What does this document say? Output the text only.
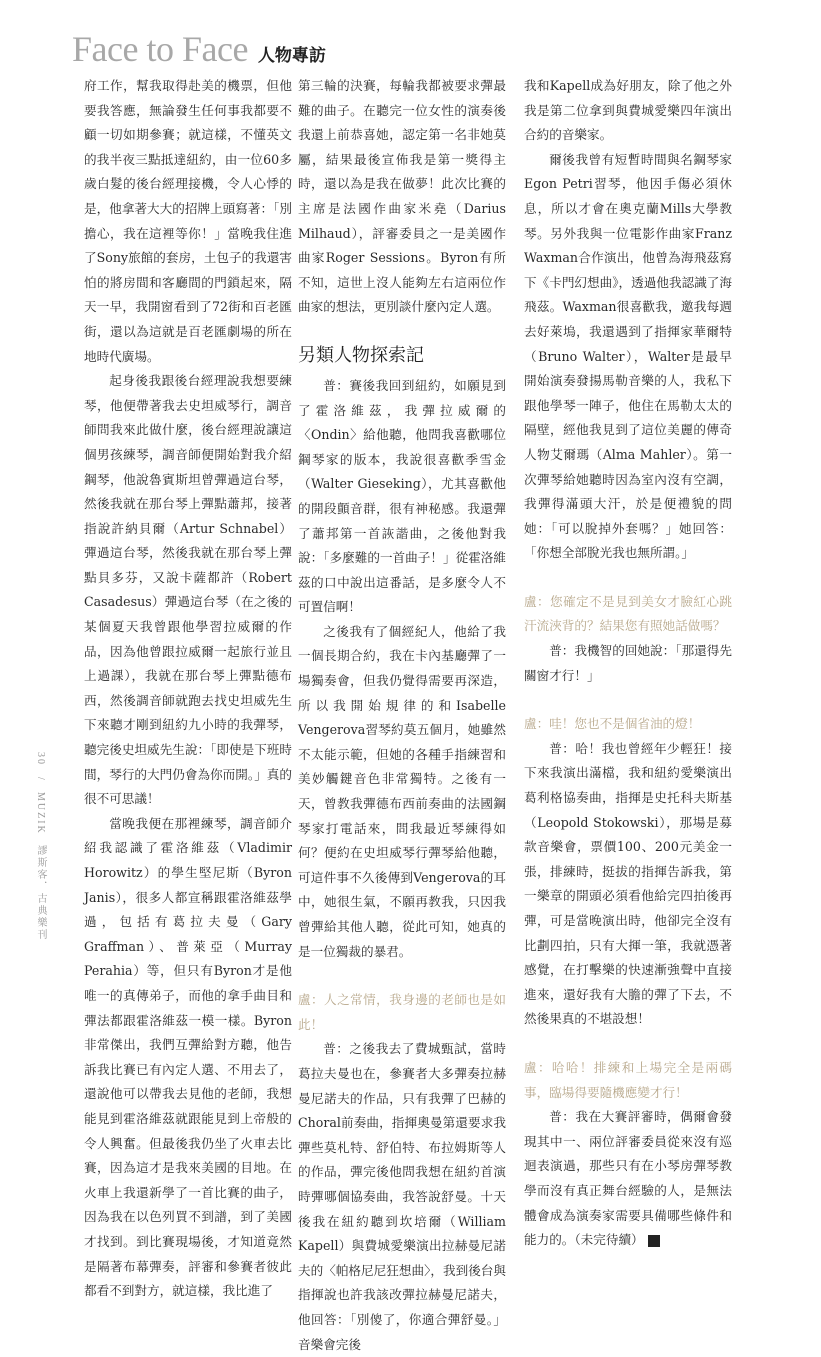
Face to Face 人物專訪
30 / MUZIK 謬斯客．古典樂刊

府工作，幫我取得赴美的機票，但他要我答應，無論發生任何事我都要不顧一切如期參賽；就這樣，不懂英文的我半夜三點抵達紐約，由一位60多歲白髮的後台經理接機，令人心悸的是，他拿著大大的招牌上頭寫著：「別擔心，我在這裡等你！」當晚我住進了Sony旅館的套房，土包子的我還害怕的將房間和客廳間的門鎖起來，隔天一早，我開窗看到了72街和百老匯街，還以為這就是百老匯劇場的所在地時代廣場。

起身後我跟後台經理說我想要練琴，他便帶著我去史坦威琴行，調音師問我來此做什麼，後台經理說讓這個男孩練琴，調音師便開始對我介紹鋼琴，他說魯賓斯坦曾彈過這台琴，然後我就在那台琴上彈點蕭邦，接著指說許納貝爾（Artur Schnabel）彈過這台琴，然後我就在那台琴上彈點貝多芬，又說卡薩都許（Robert Casadesus）彈過這台琴（在之後的某個夏天我曾跟他學習拉威爾的作品，因為他曾跟拉威爾一起旅行並且上過課），我就在那台琴上彈點德布西，然後調音師就跑去找史坦威先生下來聽才剛到紐約九小時的我彈琴，聽完後史坦威先生說：「即使是下班時間，琴行的大門仍會為你而開。」真的很不可思議！

當晚我便在那裡練琴，調音師介紹我認識了霍洛維茲（Vladimir Horowitz）的學生堅尼斯（Byron Janis），很多人都宣稱跟霍洛維茲學過，包括有葛拉夫曼（Gary Graffman）、普萊亞（Murray Perahia）等，但只有Byron才是他唯一的真傳弟子，而他的拿手曲目和彈法都跟霍洛維茲一模一樣。Byron非常傑出，我們互彈給對方聽，他告訴我比賽已有內定人選、不用去了，還說他可以帶我去見他的老師，我想能見到霍洛維茲就跟能見到上帝般的令人興奮。但最後我仍坐了火車去比賽，因為這才是我來美國的目地。在火車上我還新學了一首比賽的曲子，因為我在以色列買不到譜，到了美國才找到。到比賽現場後，才知道竟然是隔著布幕彈奏，評審和參賽者彼此都看不到對方，就這樣，我比進了

第三輪的決賽，每輪我都被要求彈最難的曲子。在聽完一位女性的演奏後我還上前恭喜她，認定第一名非她莫屬，結果最後宣佈我是第一獎得主時，還以為是我在做夢！此次比賽的主席是法國作曲家米堯（Darius Milhaud），評審委員之一是美國作曲家Roger Sessions。Byron有所不知，這世上沒人能夠左右這兩位作曲家的想法，更別談什麼內定人選。

另類人物探索記

普：賽後我回到紐約，如願見到了霍洛維茲，我彈拉威爾的〈Ondin〉給他聽，他問我喜歡哪位鋼琴家的版本，我說很喜歡季雪金（Walter Gieseking），尤其喜歡他的開段顫音群，很有神秘感。我還彈了蕭邦第一首詼諧曲，之後他對我說：「多麼難的一首曲子！」從霍洛維茲的口中說出這番話，是多麼令人不可置信啊！

之後我有了個經紀人，他給了我一個長期合約，我在卡內基廳彈了一場獨奏會，但我仍覺得需要再深造，所以我開始規律的和Isabelle Vengerova習琴約莫五個月，她雖然不太能示範，但她的各種手指練習和美妙觸鍵音色非常獨特。之後有一天，曾教我彈德布西前奏曲的法國鋼琴家打電話來，問我最近琴練得如何？便約在史坦威琴行彈琴給他聽，可這件事不久後傳到Vengerova的耳中，她很生氣，不願再教我，只因我曾彈給其他人聽，從此可知，她真的是一位獨裁的暴君。

盧：人之常情，我身邊的老師也是如此！

普：之後我去了費城甄試，當時葛拉夫曼也在，參賽者大多彈奏拉赫曼尼諾夫的作品，只有我彈了巴赫的Choral前奏曲，指揮奧曼第還要求我彈些莫札特、舒伯特、布拉姆斯等人的作品，彈完後他問我想在紐約首演時彈哪個協奏曲，我答說舒曼。十天後我在紐約聽到坎培爾（William Kapell）與費城愛樂演出拉赫曼尼諾夫的〈帕格尼尼狂想曲〉，我到後台與指揮說也許我該改彈拉赫曼尼諾夫，他回答：「別傻了，你適合彈舒曼。」音樂會完後

我和Kapell成為好朋友，除了他之外我是第二位拿到與費城愛樂四年演出合約的音樂家。

爾後我曾有短暫時間與名鋼琴家Egon Petri習琴，他因手傷必須休息，所以才會在奧克蘭Mills大學教琴。另外我與一位電影作曲家Franz Waxman合作演出，他曾為海飛茲寫下《卡門幻想曲》，透過他我認識了海飛茲。Waxman很喜歡我，邀我每週去好萊塢，我還遇到了指揮家華爾特（Bruno Walter），Walter是最早開始演奏發揚馬勒音樂的人，我私下跟他學琴一陣子，他住在馬勒太太的隔壁，經他我見到了這位美麗的傳奇人物艾爾瑪（Alma Mahler）。第一次彈琴給她聽時因為室內沒有空調，我彈得滿頭大汗，於是便禮貌的問她：「可以脫掉外套嗎？」她回答：「你想全部脫光我也無所謂。」

盧：您確定不是見到美女才臉紅心跳汗流浹背的？結果您有照她話做嗎？

普：我機智的回她說：「那還得先關窗才行！」

盧：哇！您也不是個省油的燈！

普：哈！我也曾經年少輕狂！接下來我演出滿檔，我和紐約愛樂演出葛利格協奏曲，指揮是史托科夫斯基（Leopold Stokowski），那場是募款音樂會，票價100、200元美金一張，排練時，挺拔的指揮告訴我，第一樂章的開頭必須看他給完四拍後再彈，可是當晚演出時，他卻完全沒有比劃四拍，只有大揮一筆，我就憑著感覺，在打擊樂的快速漸強聲中直接進來，還好我有大膽的彈了下去，不然後果真的不堪設想！

盧：哈哈！排練和上場完全是兩碼事，臨場得要隨機應變才行！

普：我在大賽評審時，偶爾會發現其中一、兩位評審委員從來沒有巡迴表演過，那些只有在小琴房彈琴教學而沒有真正舞台經驗的人，是無法體會成為演奏家需要具備哪些條件和能力的。（未完待續）	M
